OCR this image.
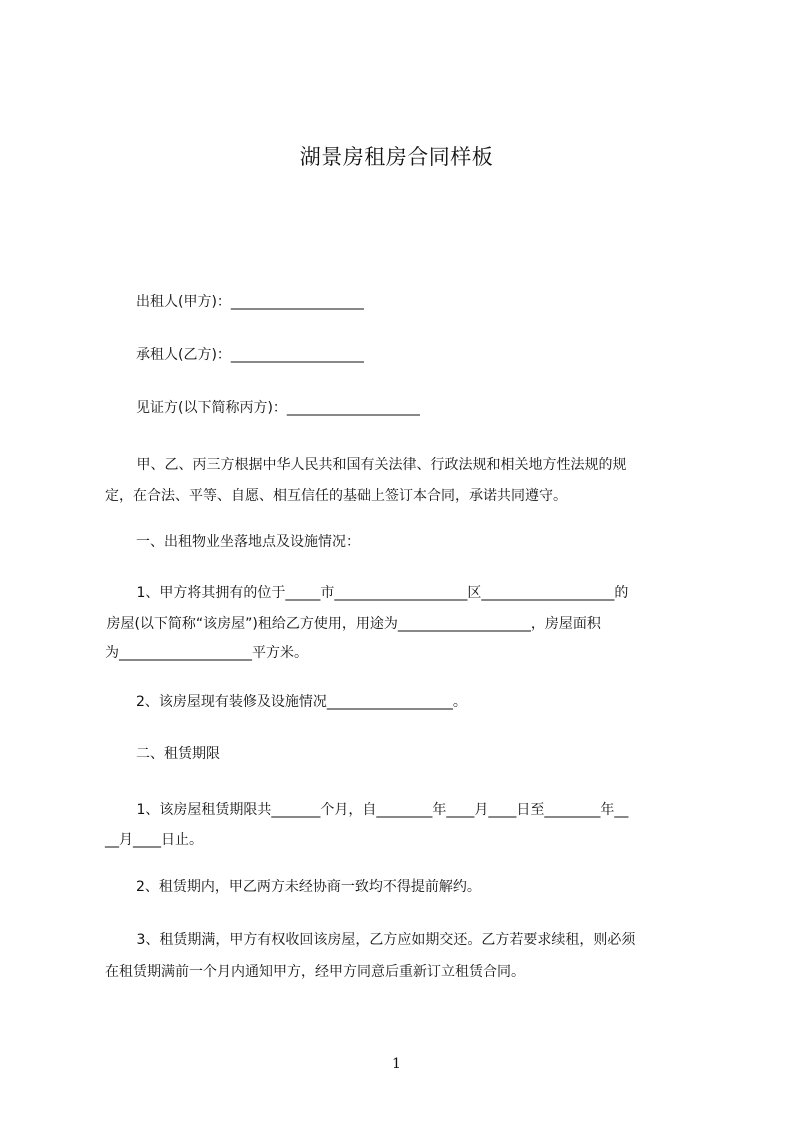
湖景房租房合同样板
出租人(甲方)：___________________
承租人(乙方)：___________________
见证方(以下简称丙方)：___________________
甲、乙、丙三方根据中华人民共和国有关法律、行政法规和相关地方性法规的规
定，在合法、平等、自愿、相互信任的基础上签订本合同，承诺共同遵守。
一、出租物业坐落地点及设施情况：
1、甲方将其拥有的位于_____市___________________区___________________的
房屋(以下简称“该房屋”)租给乙方使用，用途为___________________，房屋面积
为___________________平方米。
2、该房屋现有装修及设施情况__________________。
二、租赁期限
1、该房屋租赁期限共_______个月，自________年____月____日至________年__
__月____日止。
2、租赁期内，甲乙两方未经协商一致均不得提前解约。
3、租赁期满，甲方有权收回该房屋，乙方应如期交还。乙方若要求续租，则必须
在租赁期满前一个月内通知甲方，经甲方同意后重新订立租赁合同。
1
